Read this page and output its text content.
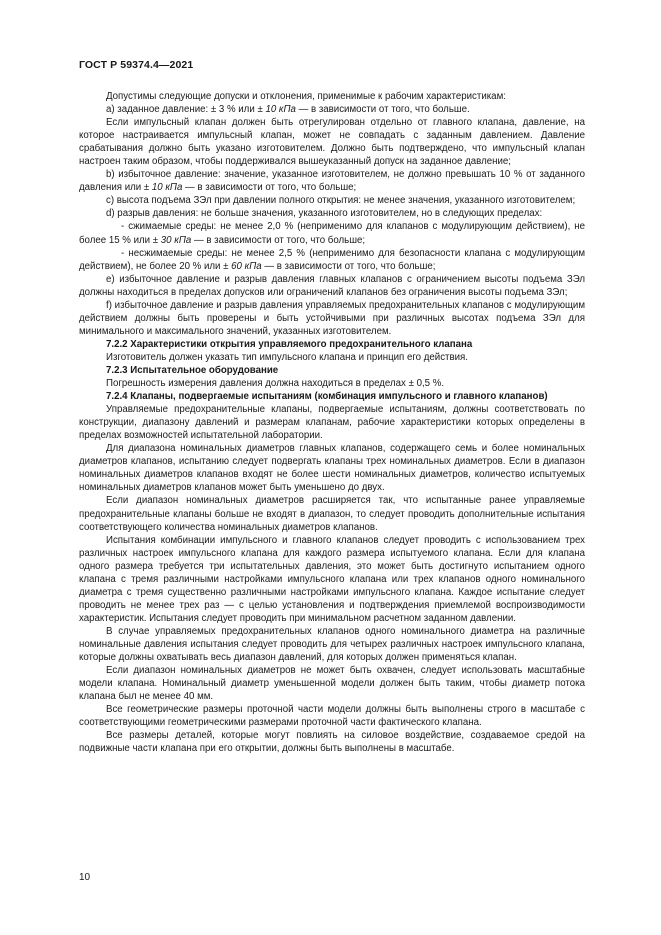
ГОСТ Р 59374.4—2021

Допустимы следующие допуски и отклонения, применимые к рабочим характеристикам:

a) заданное давление: ± 3 % или ± 10 кПа — в зависимости от того, что больше.

Если импульсный клапан должен быть отрегулирован отдельно от главного клапана, давление, на которое настраивается импульсный клапан, может не совпадать с заданным давлением. Давление срабатывания должно быть указано изготовителем. Должно быть подтверждено, что импульсный клапан настроен таким образом, чтобы поддерживался вышеуказанный допуск на заданное давление;

b) избыточное давление: значение, указанное изготовителем, не должно превышать 10 % от заданного давления или ± 10 кПа — в зависимости от того, что больше;

c) высота подъема ЗЭл при давлении полного открытия: не менее значения, указанного изготовителем;

d) разрыв давления: не больше значения, указанного изготовителем, но в следующих пределах:

- сжимаемые среды: не менее 2,0 % (неприменимо для клапанов с модулирующим действием), не более 15 % или ± 30 кПа — в зависимости от того, что больше;

- несжимаемые среды: не менее 2,5 % (неприменимо для безопасности клапана с модулирующим действием), не более 20 % или ± 60 кПа — в зависимости от того, что больше;

e) избыточное давление и разрыв давления главных клапанов с ограничением высоты подъема ЗЭл должны находиться в пределах допусков или ограничений клапанов без ограничения высоты подъема ЗЭл;

f) избыточное давление и разрыв давления управляемых предохранительных клапанов с модулирующим действием должны быть проверены и быть устойчивыми при различных высотах подъема ЗЭл для минимального и максимального значений, указанных изготовителем.

7.2.2 Характеристики открытия управляемого предохранительного клапана

Изготовитель должен указать тип импульсного клапана и принцип его действия.

7.2.3 Испытательное оборудование

Погрешность измерения давления должна находиться в пределах ± 0,5 %.

7.2.4 Клапаны, подвергаемые испытаниям (комбинация импульсного и главного клапанов)

Управляемые предохранительные клапаны, подвергаемые испытаниям, должны соответствовать по конструкции, диапазону давлений и размерам клапанам, рабочие характеристики которых определены в пределах возможностей испытательной лаборатории.

Для диапазона номинальных диаметров главных клапанов, содержащего семь и более номинальных диаметров клапанов, испытанию следует подвергать клапаны трех номинальных диаметров. Если в диапазон номинальных диаметров клапанов входят не более шести номинальных диаметров, количество испытуемых номинальных диаметров клапанов может быть уменьшено до двух.

Если диапазон номинальных диаметров расширяется так, что испытанные ранее управляемые предохранительные клапаны больше не входят в диапазон, то следует проводить дополнительные испытания соответствующего количества номинальных диаметров клапанов.

Испытания комбинации импульсного и главного клапанов следует проводить с использованием трех различных настроек импульсного клапана для каждого размера испытуемого клапана. Если для клапана одного размера требуется три испытательных давления, это может быть достигнуто испытанием одного клапана с тремя различными настройками импульсного клапана или трех клапанов одного номинального диаметра с тремя существенно различными настройками импульсного клапана. Каждое испытание следует проводить не менее трех раз — с целью установления и подтверждения приемлемой воспроизводимости характеристик. Испытания следует проводить при минимальном расчетном заданном давлении.

В случае управляемых предохранительных клапанов одного номинального диаметра на различные номинальные давления испытания следует проводить для четырех различных настроек импульсного клапана, которые должны охватывать весь диапазон давлений, для которых должен применяться клапан.

Если диапазон номинальных диаметров не может быть охвачен, следует использовать масштабные модели клапана. Номинальный диаметр уменьшенной модели должен быть таким, чтобы диаметр потока клапана был не менее 40 мм.

Все геометрические размеры проточной части модели должны быть выполнены строго в масштабе с соответствующими геометрическими размерами проточной части фактического клапана.

Все размеры деталей, которые могут повлиять на силовое воздействие, создаваемое средой на подвижные части клапана при его открытии, должны быть выполнены в масштабе.

10
